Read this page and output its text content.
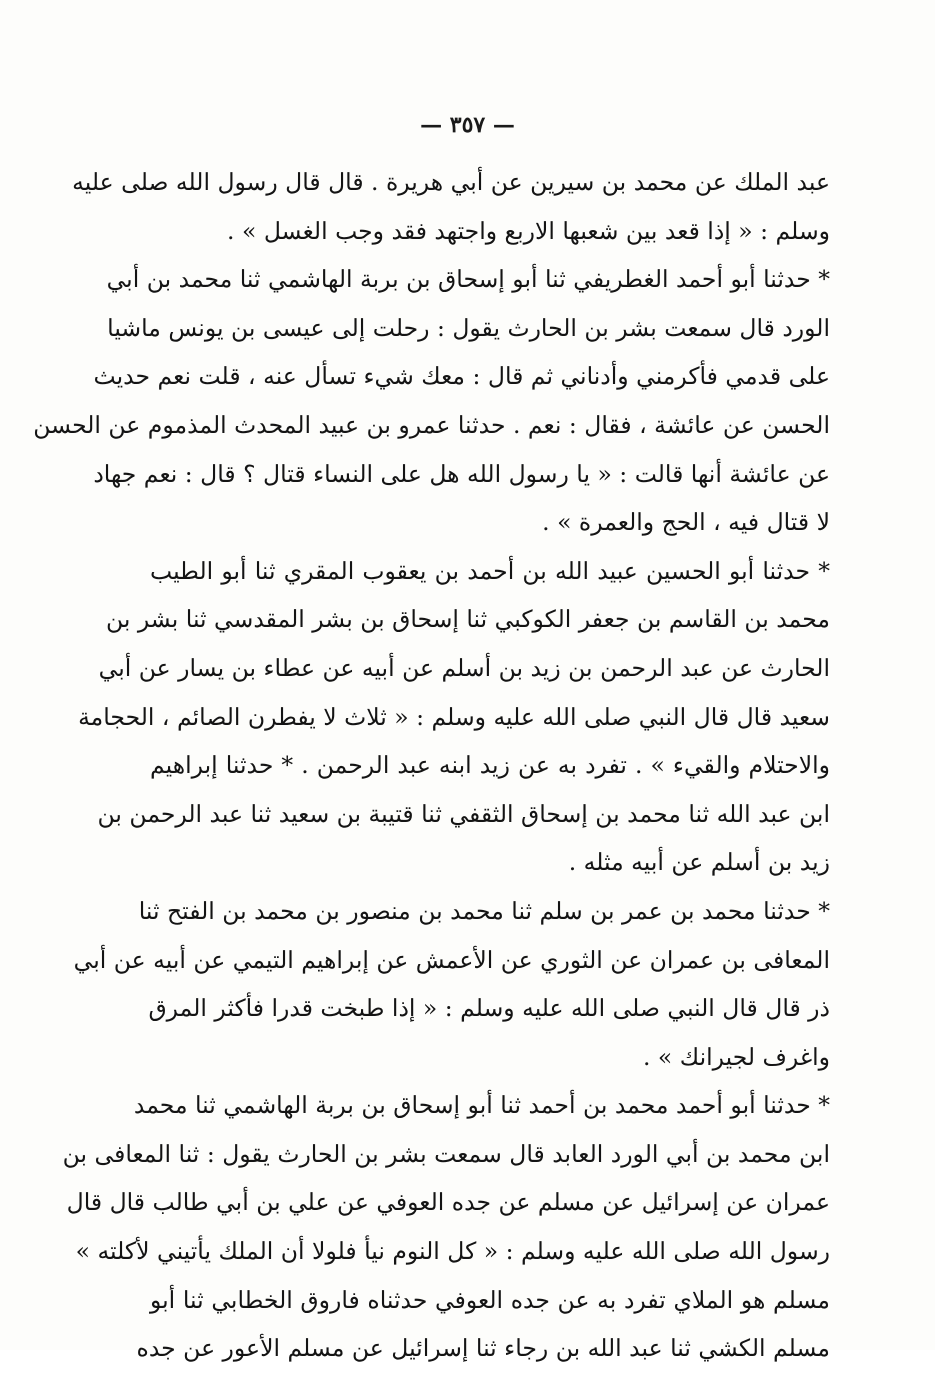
— ٣٥٧ —
عبد الملك عن محمد بن سيرين عن أبي هريرة . قال قال رسول الله صلى عليه
وسلم : « إذا قعد بين شعبها الاربع واجتهد فقد وجب الغسل » .
* حدثنا أبو أحمد الغطريفي ثنا أبو إسحاق بن بربة الهاشمي ثنا محمد بن أبي
الورد قال سمعت بشر بن الحارث يقول : رحلت إلى عيسى بن يونس ماشيا
على قدمي فأكرمني وأدناني ثم قال : معك شيء تسأل عنه ، قلت نعم حديث
الحسن عن عائشة ، فقال : نعم . حدثنا عمرو بن عبيد المحدث المذموم عن الحسن
عن عائشة أنها قالت : « يا رسول الله هل على النساء قتال ؟ قال : نعم جهاد
لا قتال فيه ، الحج والعمرة » .
* حدثنا أبو الحسين عبيد الله بن أحمد بن يعقوب المقري ثنا أبو الطيب
محمد بن القاسم بن جعفر الكوكبي ثنا إسحاق بن بشر المقدسي ثنا بشر بن
الحارث عن عبد الرحمن بن زيد بن أسلم عن أبيه عن عطاء بن يسار عن أبي
سعيد قال قال النبي صلى الله عليه وسلم : « ثلاث لا يفطرن الصائم ، الحجامة
والاحتلام والقيء » . تفرد به عن زيد ابنه عبد الرحمن . * حدثنا إبراهيم
ابن عبد الله ثنا محمد بن إسحاق الثقفي ثنا قتيبة بن سعيد ثنا عبد الرحمن بن
زيد بن أسلم عن أبيه مثله .
* حدثنا محمد بن عمر بن سلم ثنا محمد بن منصور بن محمد بن الفتح ثنا
المعافى بن عمران عن الثوري عن الأعمش عن إبراهيم التيمي عن أبيه عن أبي
ذر قال قال النبي صلى الله عليه وسلم : « إذا طبخت قدرا فأكثر المرق
واغرف لجيرانك » .
* حدثنا أبو أحمد محمد بن أحمد ثنا أبو إسحاق بن بربة الهاشمي ثنا محمد
ابن محمد بن أبي الورد العابد قال سمعت بشر بن الحارث يقول : ثنا المعافى بن
عمران عن إسرائيل عن مسلم عن جده العوفي عن علي بن أبي طالب قال قال
رسول الله صلى الله عليه وسلم : « كل النوم نيأ فلولا أن الملك يأتيني لأكلته »
مسلم هو الملاي تفرد به عن جده العوفي حدثناه فاروق الخطابي ثنا أبو
مسلم الكشي ثنا عبد الله بن رجاء ثنا إسرائيل عن مسلم الأعور عن جده
